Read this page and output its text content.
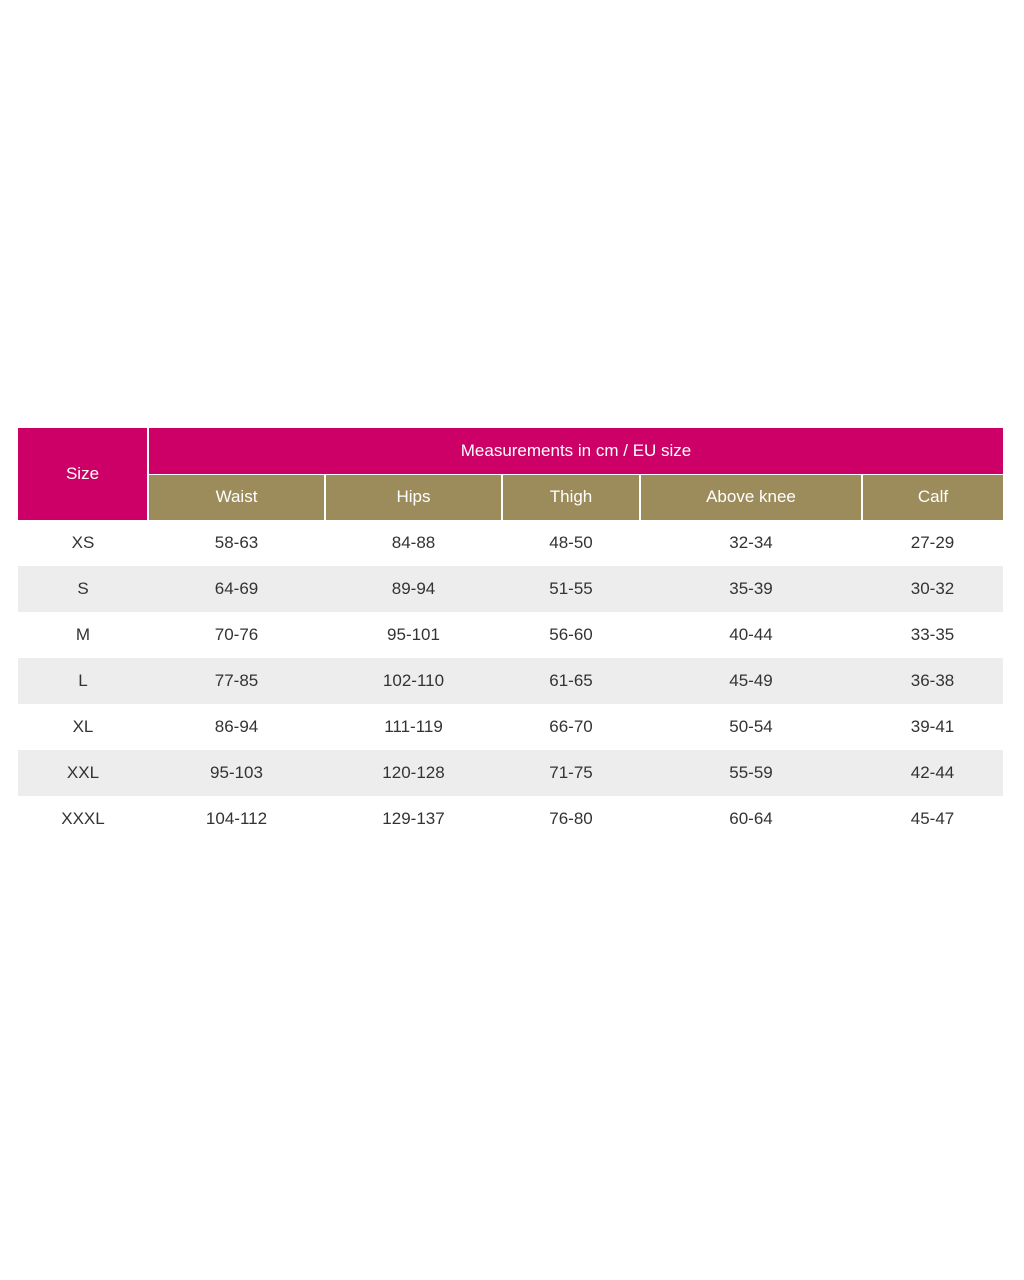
Size	Measurements in cm / EU size				
	Waist	Hips	Thigh	Above knee	Calf
XS	58-63	84-88	48-50	32-34	27-29
S	64-69	89-94	51-55	35-39	30-32
M	70-76	95-101	56-60	40-44	33-35
L	77-85	102-110	61-65	45-49	36-38
XL	86-94	111-119	66-70	50-54	39-41
XXL	95-103	120-128	71-75	55-59	42-44
XXXL	104-112	129-137	76-80	60-64	45-47
